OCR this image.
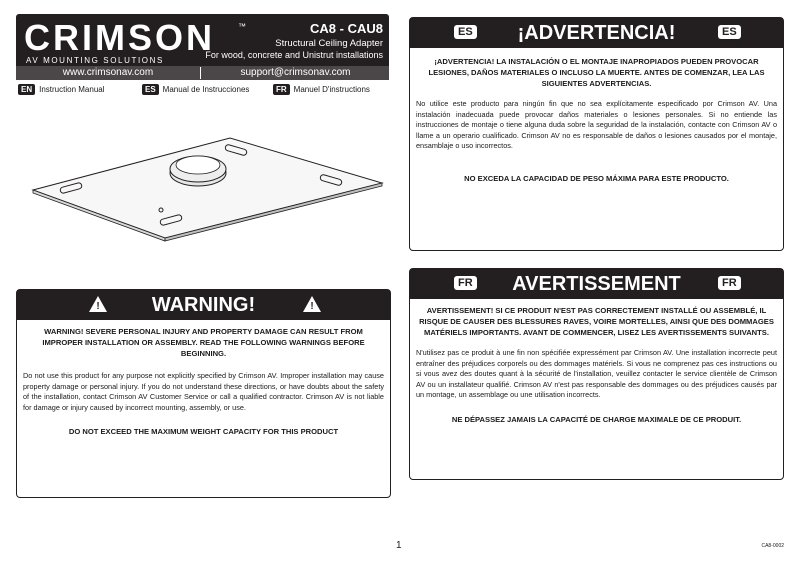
CRIMSON	™
AV MOUNTING SOLUTIONS
CA8 - CAU8
Structural Ceiling Adapter
For wood, concrete and Unistrut installations
www.crimsonav.com	support@crimsonav.com
EN Instruction Manual	ES Manual de Instrucciones	FR Manuel D'instructions
!	WARNING!	!
WARNING! SEVERE PERSONAL INJURY AND PROPERTY DAMAGE CAN RESULT FROM IMPROPER INSTALLATION OR ASSEMBLY. READ THE FOLLOWING WARNINGS BEFORE BEGINNING.
Do not use this product for any purpose not explicitly specified by Crimson AV. Improper installation may cause property damage or personal injury. If you do not understand these directions, or have doubts about the safety of the installation, contact Crimson AV Customer Service or call a qualified contractor. Crimson AV is not liable for damage or injury caused by incorrect mounting, assembly, or use.
DO NOT EXCEED THE MAXIMUM WEIGHT CAPACITY FOR THIS PRODUCT
ES ¡ADVERTENCIA!	ES
¡ADVERTENCIA! LA INSTALACIÓN O EL MONTAJE INAPROPIADOS PUEDEN PROVOCAR LESIONES, DAÑOS MATERIALES O INCLUSO LA MUERTE. ANTES DE COMENZAR, LEA LAS SIGUIENTES ADVERTENCIAS.
No utilice este producto para ningún fin que no sea explícitamente especificado por Crimson AV. Una instalación inadecuada puede provocar daños materiales o lesiones personales. Si no entiende las instrucciones de montaje o tiene alguna duda sobre la seguridad de la instalación, contacte con Crimson AV o llame a un operario cualificado. Crimson AV no es responsable de daños o lesiones causados por el montaje, ensamblaje o uso incorrectos.
NO EXCEDA LA CAPACIDAD DE PESO MÁXIMA PARA ESTE PRODUCTO.
FR AVERTISSEMENT	FR
AVERTISSEMENT! SI CE PRODUIT N'EST PAS CORRECTEMENT INSTALLÉ OU ASSEMBLÉ, IL RISQUE DE CAUSER DES BLESSURES RAVES, VOIRE MORTELLES, AINSI QUE DES DOMMAGES MATÉRIELS IMPORTANTS. AVANT DE COMMENCER, LISEZ LES AVERTISSEMENTS SUIVANTS.
N'utilisez pas ce produit à une fin non spécifiée expressément par Crimson AV. Une installation incorrecte peut entraîner des préjudices corporels ou des dommages matériels. Si vous ne comprenez pas ces instructions ou si vous avez des doutes quant à la sécurité de l'installation, veuillez contacter le service clientèle de Crimson AV ou un installateur qualifié. Crimson AV n'est pas responsable des dommages ou des préjudices causés par un montage, un assemblage ou une utilisation incorrects.
NE DÉPASSEZ JAMAIS LA CAPACITÉ DE CHARGE MAXIMALE DE CE PRODUIT.
1	CA8-0002
